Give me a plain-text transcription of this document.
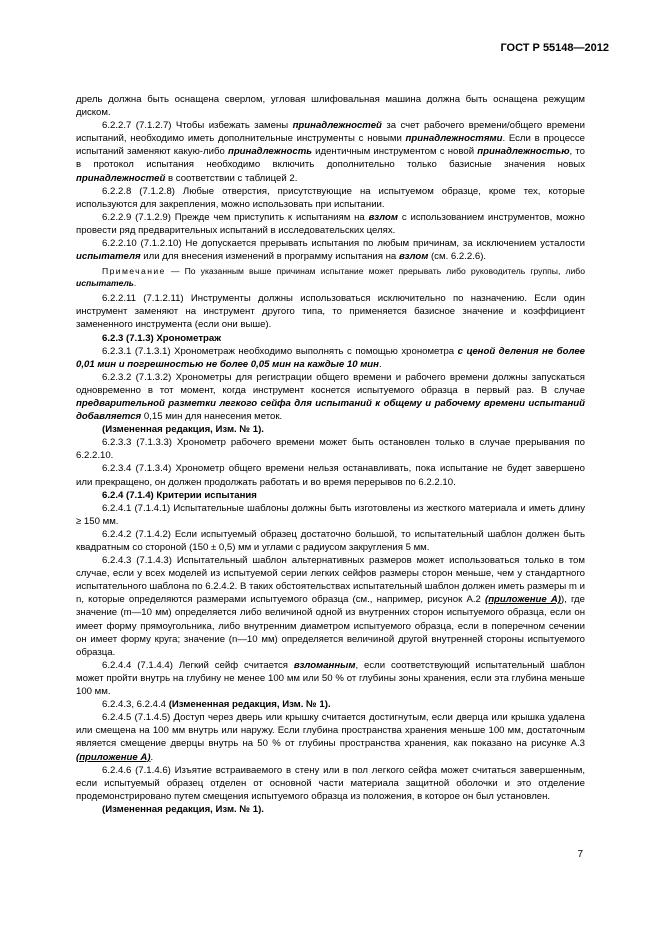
ГОСТ Р 55148—2012

дрель должна быть оснащена сверлом, угловая шлифовальная машина должна быть оснащена режущим диском.

6.2.2.7 (7.1.2.7) Чтобы избежать замены принадлежностей за счет рабочего времени/общего времени испытаний, необходимо иметь дополнительные инструменты с новыми принадлежностями. Если в процессе испытаний заменяют какую-либо принадлежность идентичным инструментом с новой принадлежностью, то в протокол испытания необходимо включить дополнительно только базисные значения новых принадлежностей в соответствии с таблицей 2.

6.2.2.8 (7.1.2.8) Любые отверстия, присутствующие на испытуемом образце, кроме тех, которые используются для закрепления, можно использовать при испытании.

6.2.2.9 (7.1.2.9) Прежде чем приступить к испытаниям на взлом с использованием инструментов, можно провести ряд предварительных испытаний в исследовательских целях.

6.2.2.10 (7.1.2.10) Не допускается прерывать испытания по любым причинам, за исключением усталости испытателя или для внесения изменений в программу испытания на взлом (см. 6.2.2.6).

Примечание — По указанным выше причинам испытание может прерывать либо руководитель группы, либо испытатель.

6.2.2.11 (7.1.2.11) Инструменты должны использоваться исключительно по назначению. Если один инструмент заменяют на инструмент другого типа, то применяется базисное значение и коэффициент замененного инструмента (если они выше).

6.2.3 (7.1.3) Хронометраж

6.2.3.1 (7.1.3.1) Хронометраж необходимо выполнять с помощью хронометра с ценой деления не более 0,01 мин и погрешностью не более 0,05 мин на каждые 10 мин.

6.2.3.2 (7.1.3.2) Хронометры для регистрации общего времени и рабочего времени должны запускаться одновременно в тот момент, когда инструмент коснется испытуемого образца в первый раз. В случае предварительной разметки легкого сейфа для испытаний к общему и рабочему времени испытаний добавляется 0,15 мин для нанесения меток.

(Измененная редакция, Изм. № 1).

6.2.3.3 (7.1.3.3) Хронометр рабочего времени может быть остановлен только в случае прерывания по 6.2.2.10.

6.2.3.4 (7.1.3.4) Хронометр общего времени нельзя останавливать, пока испытание не будет завершено или прекращено, он должен продолжать работать и во время перерывов по 6.2.2.10.

6.2.4 (7.1.4) Критерии испытания

6.2.4.1 (7.1.4.1) Испытательные шаблоны должны быть изготовлены из жесткого материала и иметь длину ≥ 150 мм.

6.2.4.2 (7.1.4.2) Если испытуемый образец достаточно большой, то испытательный шаблон должен быть квадратным со стороной (150 ± 0,5) мм и углами с радиусом закругления 5 мм.

6.2.4.3 (7.1.4.3) Испытательный шаблон альтернативных размеров может использоваться только в том случае, если у всех моделей из испытуемой серии легких сейфов размеры сторон меньше, чем у стандартного испытательного шаблона по 6.2.4.2. В таких обстоятельствах испытательный шаблон должен иметь размеры m и n, которые определяются размерами испытуемого образца (см., например, рисунок А.2 (приложение А)), где значение (m—10 мм) определяется либо величиной одной из внутренних сторон испытуемого образца, если он имеет форму прямоугольника, либо внутренним диаметром испытуемого образца, если в поперечном сечении он имеет форму круга; значение (n—10 мм) определяется величиной другой внутренней стороны испытуемого образца.

6.2.4.4 (7.1.4.4) Легкий сейф считается взломанным, если соответствующий испытательный шаблон может пройти внутрь на глубину не менее 100 мм или 50 % от глубины зоны хранения, если эта глубина меньше 100 мм.

6.2.4.3, 6.2.4.4 (Измененная редакция, Изм. № 1).

6.2.4.5 (7.1.4.5) Доступ через дверь или крышку считается достигнутым, если дверца или крышка удалена или смещена на 100 мм внутрь или наружу. Если глубина пространства хранения меньше 100 мм, достаточным является смещение дверцы внутрь на 50 % от глубины пространства хранения, как показано на рисунке А.3 (приложение А).

6.2.4.6 (7.1.4.6) Изъятие встраиваемого в стену или в пол легкого сейфа может считаться завершенным, если испытуемый образец отделен от основной части материала защитной оболочки и это отделение продемонстрировано путем смещения испытуемого образца из положения, в которое он был установлен.

(Измененная редакция, Изм. № 1).

7
